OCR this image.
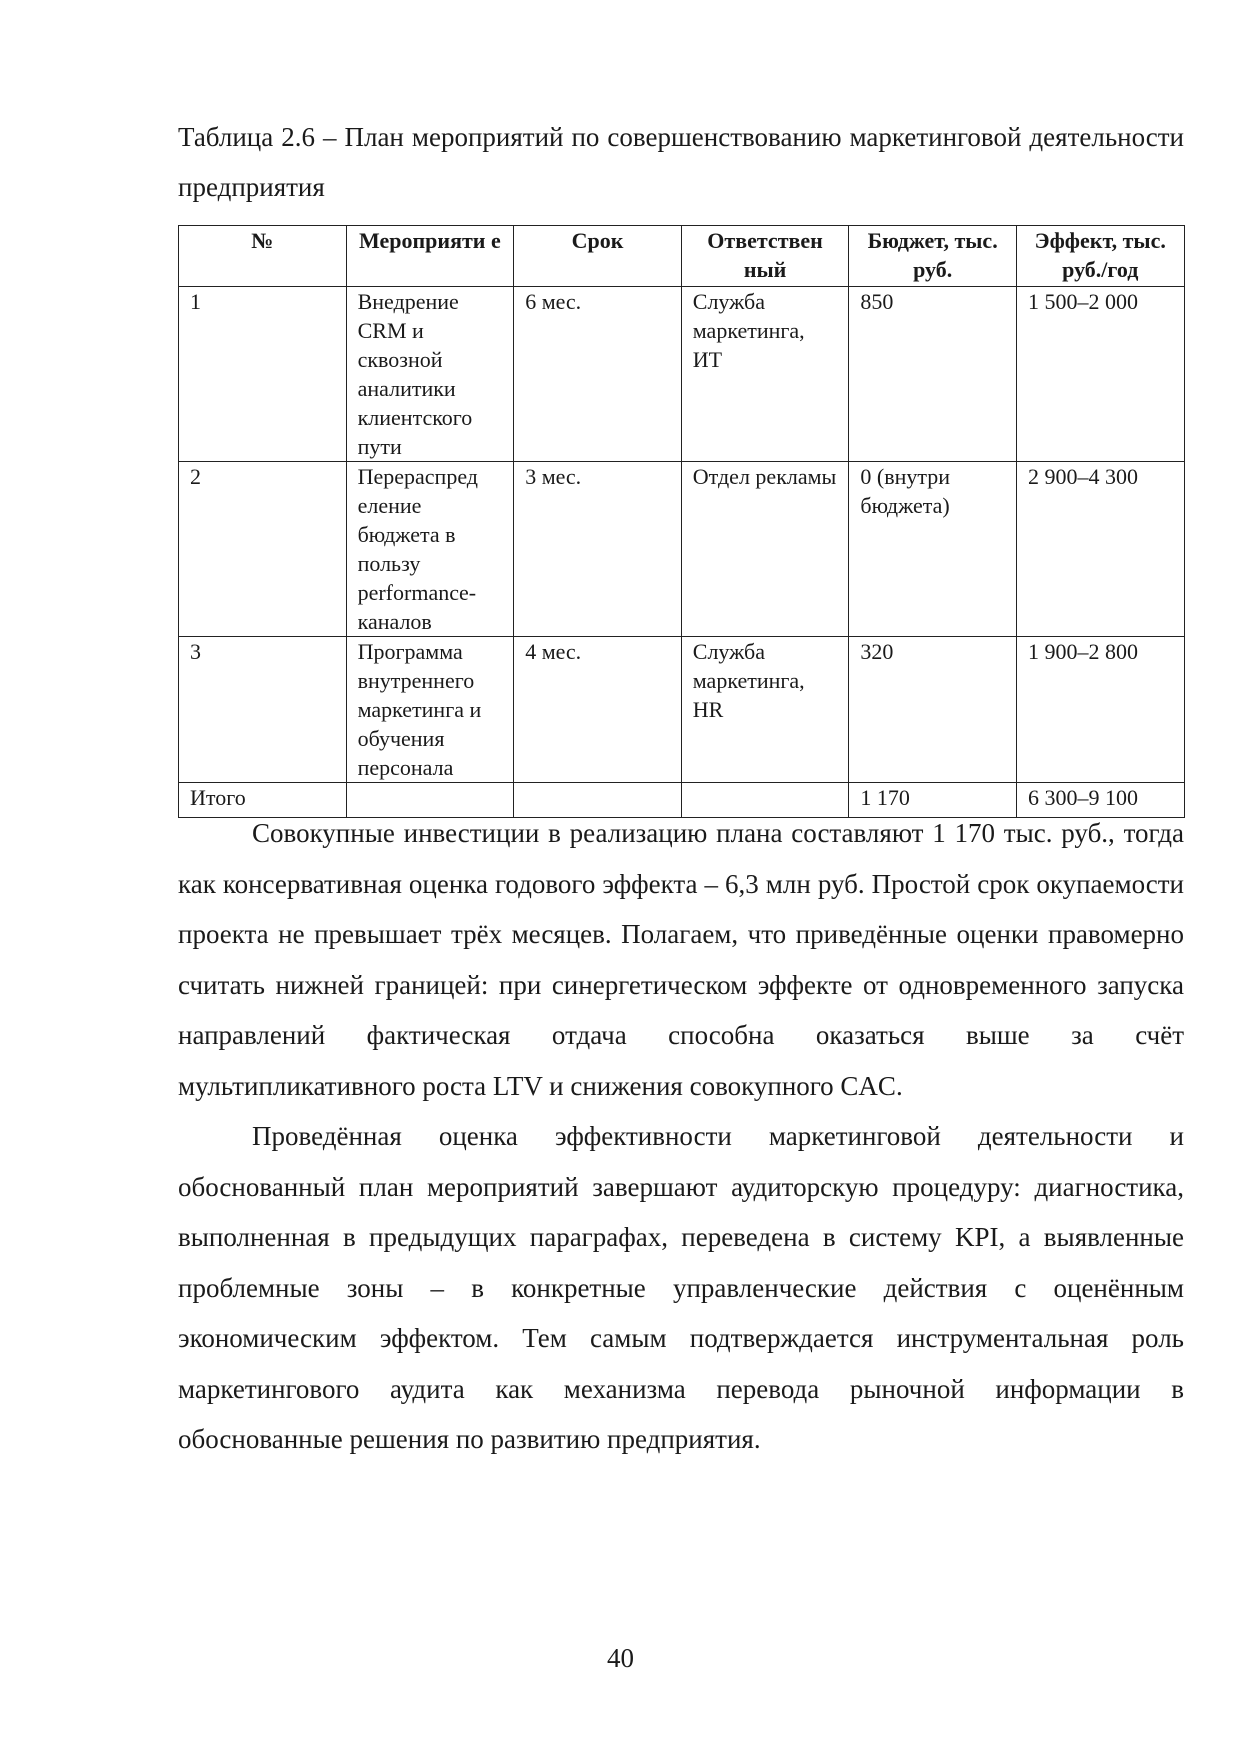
Таблица 2.6 – План мероприятий по совершенствованию маркетинговой деятельности предприятия
№	Мероприяти е	Срок	Ответствен ный	Бюджет, тыс. руб.	Эффект, тыс. руб./год
1	Внедрение CRM и сквозной аналитики клиентского пути	6 мес.	Служба маркетинга, ИТ	850	1 500–2 000
2	Перераспред еление бюджета в пользу performance-каналов	3 мес.	Отдел рекламы	0 (внутри бюджета)	2 900–4 300
3	Программа внутреннего маркетинга и обучения персонала	4 мес.	Служба маркетинга, HR	320	1 900–2 800
Итого				1 170	6 300–9 100

Совокупные инвестиции в реализацию плана составляют 1 170 тыс. руб., тогда как консервативная оценка годового эффекта – 6,3 млн руб. Простой срок окупаемости проекта не превышает трёх месяцев. Полагаем, что приведённые оценки правомерно считать нижней границей: при синергетическом эффекте от одновременного запуска направлений фактическая отдача способна оказаться выше за счёт мультипликативного роста LTV и снижения совокупного CAC.

Проведённая оценка эффективности маркетинговой деятельности и обоснованный план мероприятий завершают аудиторскую процедуру: диагностика, выполненная в предыдущих параграфах, переведена в систему KPI, а выявленные проблемные зоны – в конкретные управленческие действия с оценённым экономическим эффектом. Тем самым подтверждается инструментальная роль маркетингового аудита как механизма перевода рыночной информации в обоснованные решения по развитию предприятия.

40
